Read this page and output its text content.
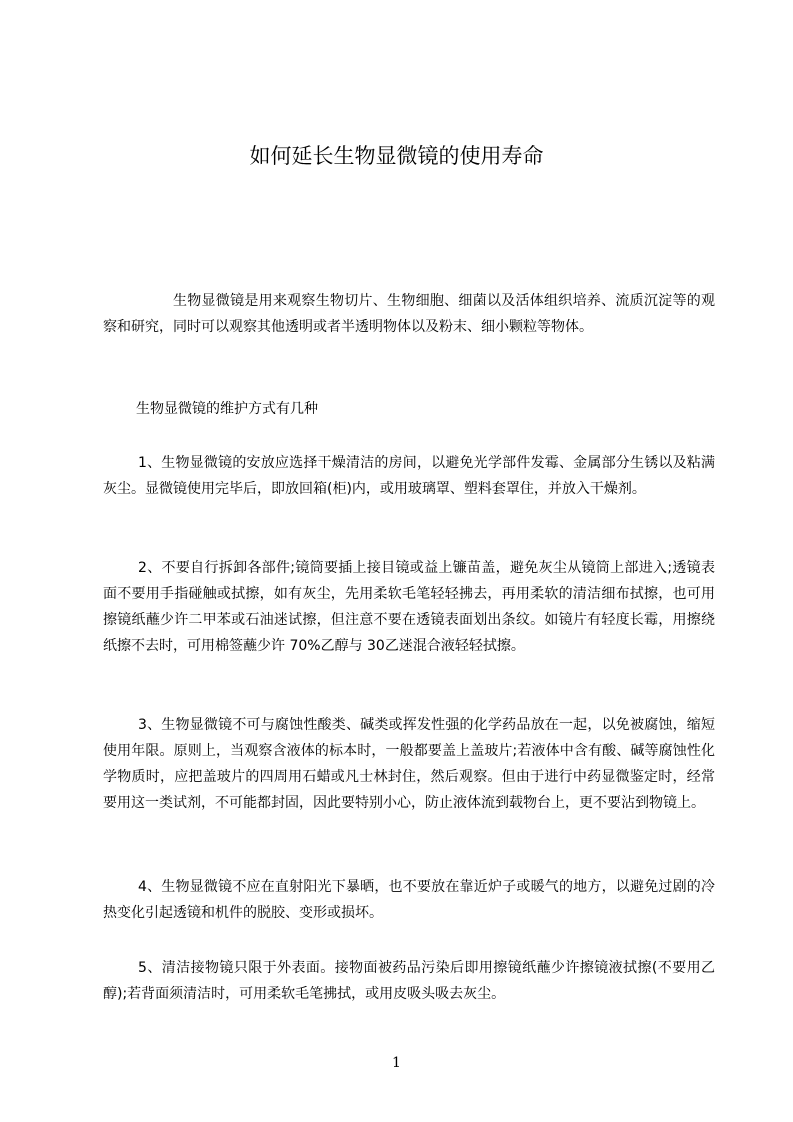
如何延长生物显微镜的使用寿命

生物显微镜是用来观察生物切片、生物细胞、细菌以及活体组织培养、流质沉淀等的观察和研究，同时可以观察其他透明或者半透明物体以及粉末、细小颗粒等物体。

生物显微镜的维护方式有几种

1、生物显微镜的安放应选择干燥清洁的房间，以避免光学部件发霉、金属部分生锈以及粘满灰尘。显微镜使用完毕后，即放回箱(柜)内，或用玻璃罩、塑料套罩住，并放入干燥剂。

2、不要自行拆卸各部件;镜筒要插上接目镜或益上镰苗盖，避免灰尘从镜筒上部进入;透镜表面不要用手指碰触或拭擦，如有灰尘，先用柔软毛笔轻轻拂去，再用柔软的清洁细布拭擦，也可用擦镜纸蘸少许二甲苯或石油迷试擦，但注意不要在透镜表面划出条纹。如镜片有轻度长霉，用擦绕纸擦不去时，可用棉签蘸少许 70%乙醇与 30乙迷混合液轻轻拭擦。

3、生物显微镜不可与腐蚀性酸类、碱类或挥发性强的化学药品放在一起，以免被腐蚀，缩短使用年限。原则上，当观察含液体的标本时，一般都要盖上盖玻片;若液体中含有酸、碱等腐蚀性化学物质时，应把盖玻片的四周用石蜡或凡士林封住，然后观察。但由于进行中药显微鉴定时，经常要用这一类试剂，不可能都封固，因此要特别小心，防止液体流到载物台上，更不要沾到物镜上。

4、生物显微镜不应在直射阳光下暴晒，也不要放在靠近炉子或暖气的地方，以避免过剧的冷热变化引起透镜和机件的脱胶、变形或损坏。

5、清洁接物镜只限于外表面。接物面被药品污染后即用擦镜纸蘸少许擦镜液拭擦(不要用乙醇);若背面须清洁时，可用柔软毛笔拂拭，或用皮吸头吸去灰尘。

1
